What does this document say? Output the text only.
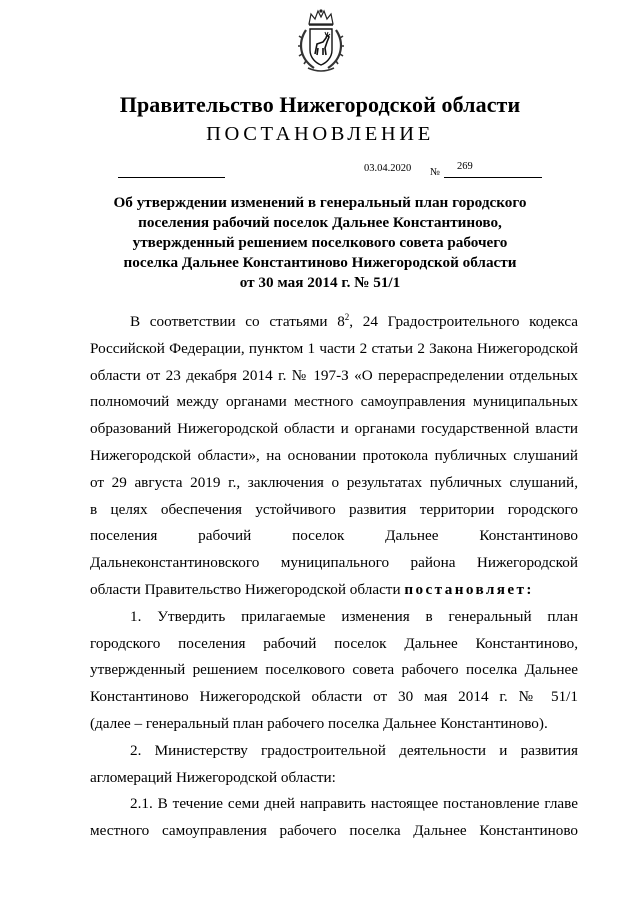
Правительство Нижегородской области
ПОСТАНОВЛЕНИЕ
03.04.2020 №
269
Об утверждении изменений в генеральный план городского
поселения рабочий поселок Дальнее Константиново,
утвержденный решением поселкового совета рабочего
поселка Дальнее Константиново Нижегородской области
от 30 мая 2014 г. № 51/1
В соответствии со статьями $8^2$, 24 Градостроительного кодекса
Российской Федерации, пунктом 1 части 2 статьи 2 Закона Нижегородской
области от 23 декабря 2014 г. № 197-З «О перераспределении отдельных
полномочий между органами местного самоуправления муниципальных
образований Нижегородской области и органами государственной власти
Нижегородской области», на основании протокола публичных слушаний
от 29 августа 2019 г., заключения о результатах публичных слушаний,
в целях обеспечения устойчивого развития территории городского
поселения рабочий поселок Дальнее Константиново
Дальнеконстантиновского муниципального района Нижегородской
области Правительство Нижегородской области постановляет:
1. Утвердить прилагаемые изменения в генеральный план
городского поселения рабочий поселок Дальнее Константиново,
утвержденный решением поселкового совета рабочего поселка Дальнее
Константиново Нижегородской области от 30 мая 2014 г. № 51/1
(далее – генеральный план рабочего поселка Дальнее Константиново).
2. Министерству градостроительной деятельности и развития
агломераций Нижегородской области:
2.1. В течение семи дней направить настоящее постановление главе
местного самоуправления рабочего поселка Дальнее Константиново
